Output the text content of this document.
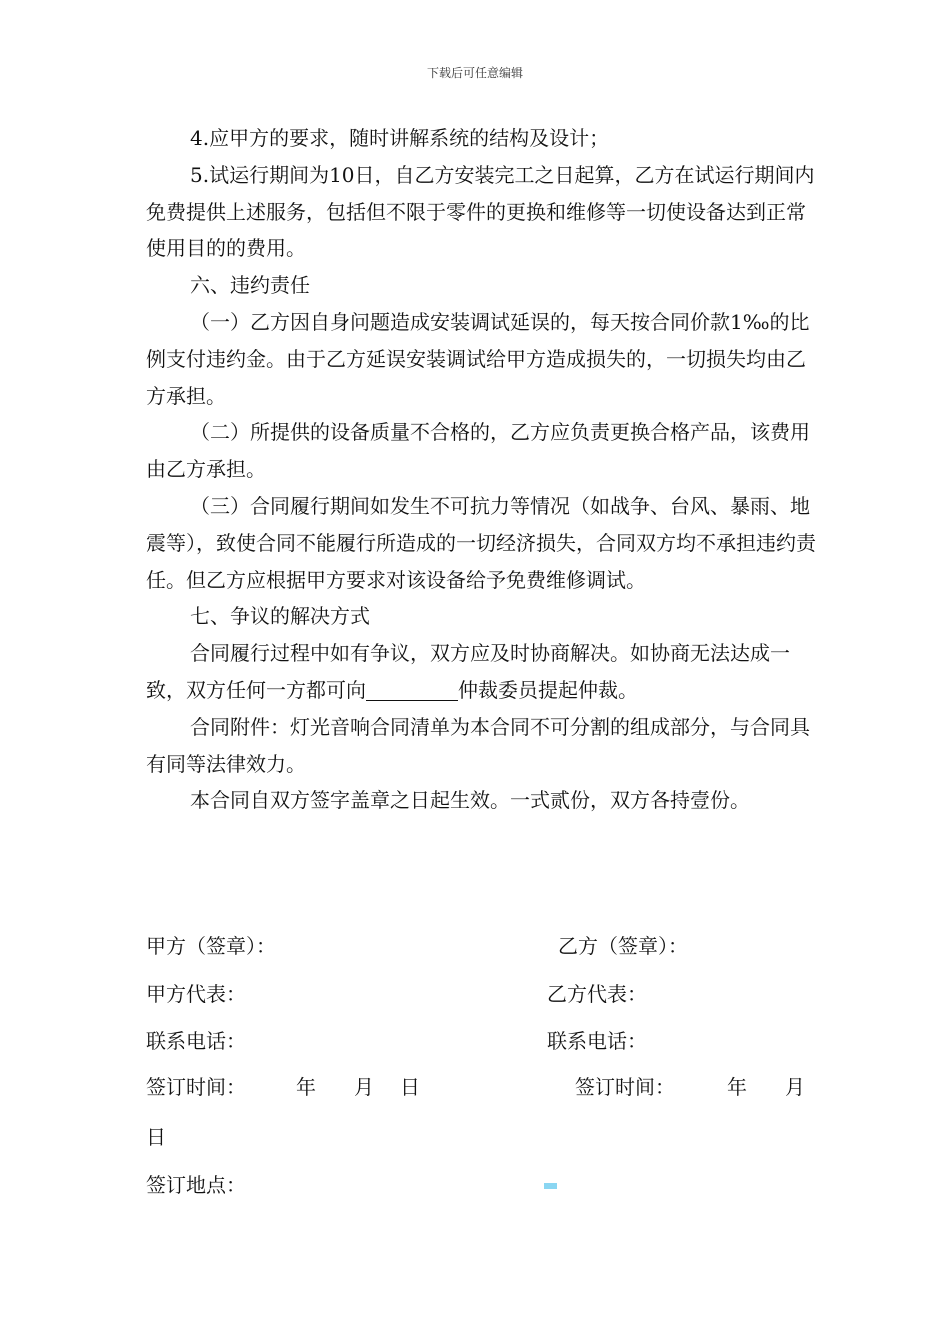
下载后可任意编辑

4.应甲方的要求，随时讲解系统的结构及设计；

5.试运行期间为10日，自乙方安装完工之日起算，乙方在试运行期间内免费提供上述服务，包括但不限于零件的更换和维修等一切使设备达到正常使用目的的费用。

六、违约责任

（一）乙方因自身问题造成安装调试延误的，每天按合同价款1‰的比例支付违约金。由于乙方延误安装调试给甲方造成损失的，一切损失均由乙方承担。

（二）所提供的设备质量不合格的，乙方应负责更换合格产品，该费用由乙方承担。

（三）合同履行期间如发生不可抗力等情况（如战争、台风、暴雨、地震等），致使合同不能履行所造成的一切经济损失，合同双方均不承担违约责任。但乙方应根据甲方要求对该设备给予免费维修调试。

七、争议的解决方式

合同履行过程中如有争议，双方应及时协商解决。如协商无法达成一致，双方任何一方都可向	仲裁委员提起仲裁。

合同附件：灯光音响合同清单为本合同不可分割的组成部分，与合同具有同等法律效力。

本合同自双方签字盖章之日起生效。一式贰份，双方各持壹份。

甲方（签章）：	乙方（签章）：
甲方代表：	乙方代表：
联系电话：	联系电话：
签订时间：	年 月 日	签订时间：	年 月
日
签订地点：
